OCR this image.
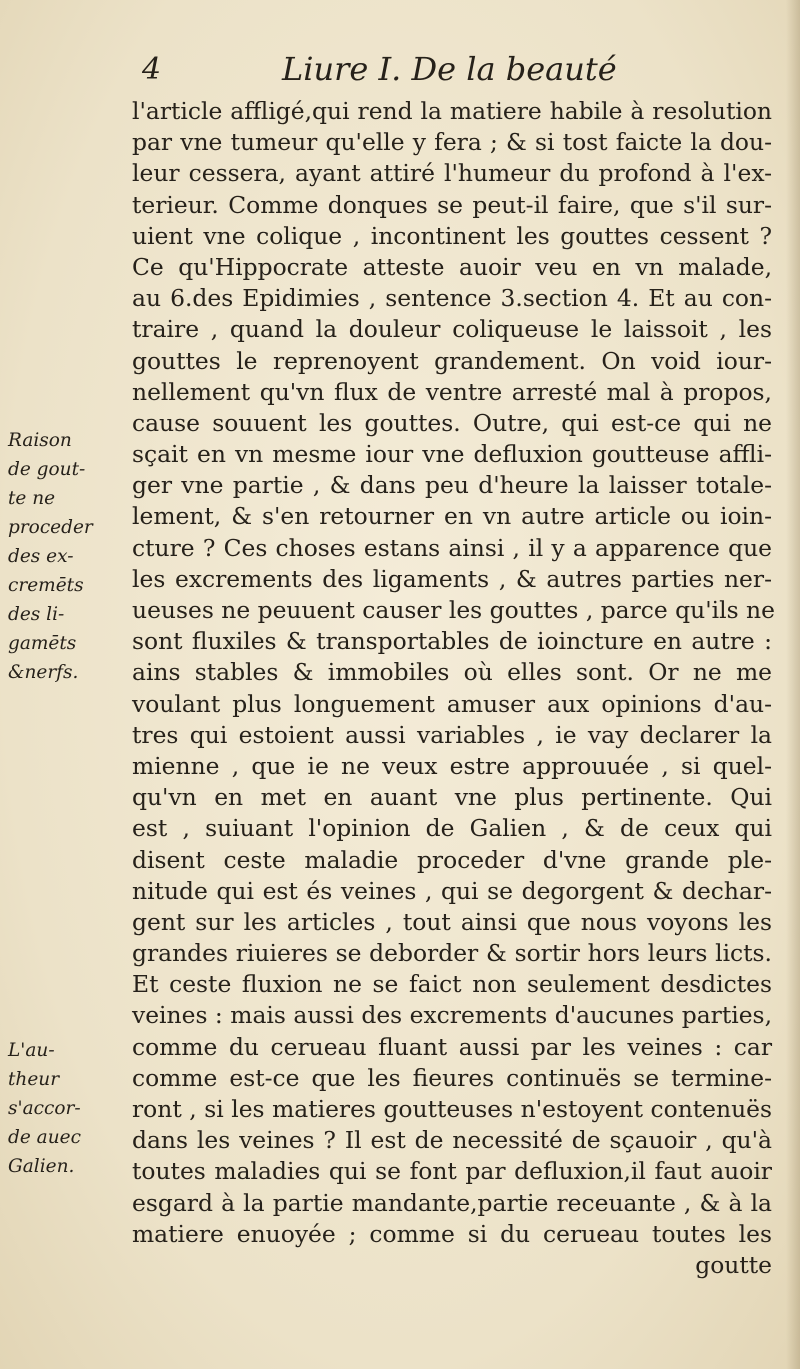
4	Liure I. De la beauté
l'article affligé,qui rend la matiere habile à resolution
par vne tumeur qu'elle y fera ; & si tost faicte la dou-
leur cessera, ayant attiré l'humeur du profond à l'ex-
terieur. Comme donques se peut-il faire, que s'il sur-
uient vne colique , incontinent les gouttes cessent ?
Ce qu'Hippocrate atteste auoir veu en vn malade,
au 6.des Epidimies , sentence 3.section 4. Et au con-
traire , quand la douleur coliqueuse le laissoit , les
gouttes le reprenoyent grandement. On void iour-
nellement qu'vn flux de ventre arresté mal à propos,
cause souuent les gouttes. Outre, qui est-ce qui ne
sçait en vn mesme iour vne defluxion goutteuse affli-
ger vne partie , & dans peu d'heure la laisser totale-
lement, & s'en retourner en vn autre article ou ioin-
cture ? Ces choses estans ainsi , il y a apparence que
les excrements des ligaments , & autres parties ner-
ueuses ne peuuent causer les gouttes , parce qu'ils ne
sont fluxiles & transportables de ioincture en autre :
ains stables & immobiles où elles sont. Or ne me
voulant plus longuement amuser aux opinions d'au-
tres qui estoient aussi variables , ie vay declarer la
mienne , que ie ne veux estre approuuée , si quel-
qu'vn en met en auant vne plus pertinente. Qui
est , suiuant l'opinion de Galien , & de ceux qui
disent ceste maladie proceder d'vne grande ple-
nitude qui est és veines , qui se degorgent & dechar-
gent sur les articles , tout ainsi que nous voyons les
grandes riuieres se deborder & sortir hors leurs licts.
Et ceste fluxion ne se faict non seulement desdictes
veines : mais aussi des excrements d'aucunes parties,
comme du cerueau fluant aussi par les veines : car
comme est-ce que les fieures continuës se termine-
ront , si les matieres goutteuses n'estoyent contenuës
dans les veines ? Il est de necessité de sçauoir , qu'à
toutes maladies qui se font par defluxion,il faut auoir
esgard à la partie mandante,partie receuante , & à la
matiere enuoyée ; comme si du cerueau toutes les
goutte
Raison
de gout-
te ne
proceder
des ex-
cremēts
des li-
gamēts
&nerfs.
L'au-
theur
s'accor-
de auec
Galien.
